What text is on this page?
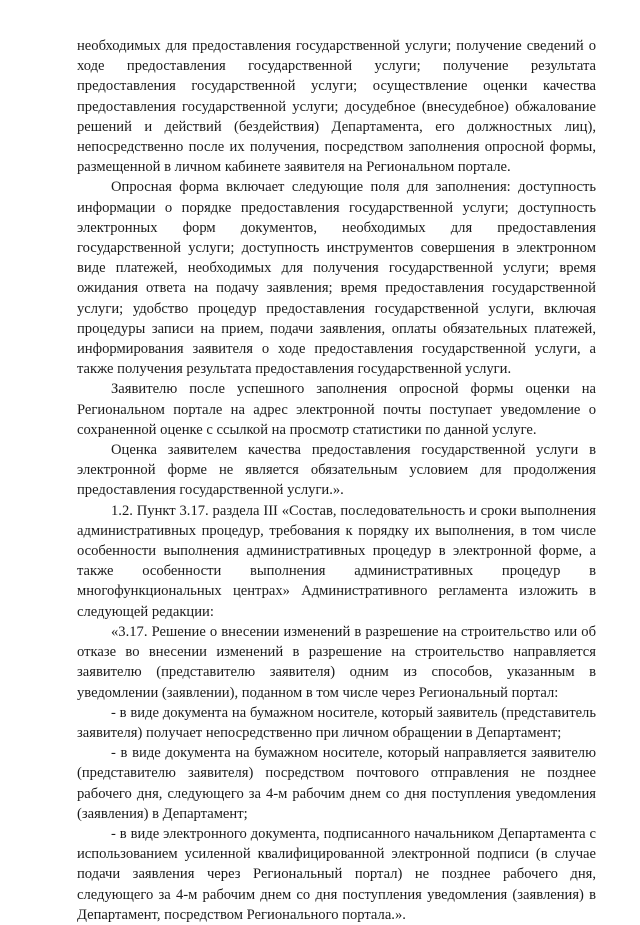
необходимых для предоставления государственной услуги; получение сведений о ходе предоставления государственной услуги; получение результата предоставления государственной услуги; осуществление оценки качества предоставления государственной услуги; досудебное (внесудебное) обжалование решений и действий (бездействия) Департамента, его должностных лиц), непосредственно после их получения, посредством заполнения опросной формы, размещенной в личном кабинете заявителя на Региональном портале.

Опросная форма включает следующие поля для заполнения: доступность информации о порядке предоставления государственной услуги; доступность электронных форм документов, необходимых для предоставления государственной услуги; доступность инструментов совершения в электронном виде платежей, необходимых для получения государственной услуги; время ожидания ответа на подачу заявления; время предоставления государственной услуги; удобство процедур предоставления государственной услуги, включая процедуры записи на прием, подачи заявления, оплаты обязательных платежей, информирования заявителя о ходе предоставления государственной услуги, а также получения результата предоставления государственной услуги.

Заявителю после успешного заполнения опросной формы оценки на Региональном портале на адрес электронной почты поступает уведомление о сохраненной оценке с ссылкой на просмотр статистики по данной услуге.

Оценка заявителем качества предоставления государственной услуги в электронной форме не является обязательным условием для продолжения предоставления государственной услуги.».

1.2. Пункт 3.17. раздела III «Состав, последовательность и сроки выполнения административных процедур, требования к порядку их выполнения, в том числе особенности выполнения административных процедур в электронной форме, а также особенности выполнения административных процедур в многофункциональных центрах» Административного регламента изложить в следующей редакции:

«3.17. Решение о внесении изменений в разрешение на строительство или об отказе во внесении изменений в разрешение на строительство направляется заявителю (представителю заявителя) одним из способов, указанным в уведомлении (заявлении), поданном в том числе через Региональный портал:

- в виде документа на бумажном носителе, который заявитель (представитель заявителя) получает непосредственно при личном обращении в Департамент;

- в виде документа на бумажном носителе, который направляется заявителю (представителю заявителя) посредством почтового отправления не позднее рабочего дня, следующего за 4-м рабочим днем со дня поступления уведомления (заявления) в Департамент;

- в виде электронного документа, подписанного начальником Департамента с использованием усиленной квалифицированной электронной подписи (в случае подачи заявления через Региональный портал) не позднее рабочего дня, следующего за 4-м рабочим днем со дня поступления уведомления (заявления) в Департамент, посредством Регионального портала.».
